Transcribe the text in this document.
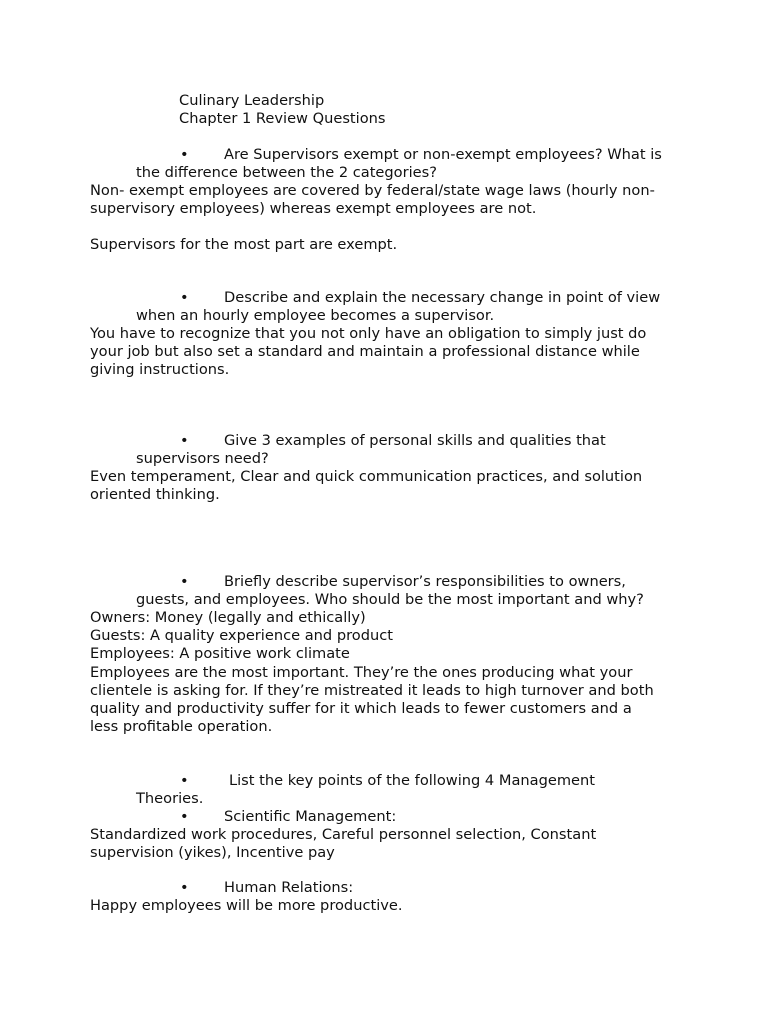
Culinary Leadership
Chapter 1 Review Questions
• Are Supervisors exempt or non-exempt employees? What is
the difference between the 2 categories?
Non- exempt employees are covered by federal/state wage laws (hourly non-
supervisory employees) whereas exempt employees are not.
Supervisors for the most part are exempt.
• Describe and explain the necessary change in point of view
when an hourly employee becomes a supervisor.
You have to recognize that you not only have an obligation to simply just do
your job but also set a standard and maintain a professional distance while
giving instructions.
• Give 3 examples of personal skills and qualities that
supervisors need?
Even temperament, Clear and quick communication practices, and solution
oriented thinking.
• Briefly describe supervisor’s responsibilities to owners,
guests, and employees. Who should be the most important and why?
Owners: Money (legally and ethically)
Guests: A quality experience and product
Employees: A positive work climate
Employees are the most important. They’re the ones producing what your
clientele is asking for. If they’re mistreated it leads to high turnover and both
quality and productivity suffer for it which leads to fewer customers and a
less profitable operation.
•	List the key points of the following 4 Management
Theories.
• Scientific Management:
Standardized work procedures, Careful personnel selection, Constant
supervision (yikes), Incentive pay
• Human Relations:
Happy employees will be more productive.
